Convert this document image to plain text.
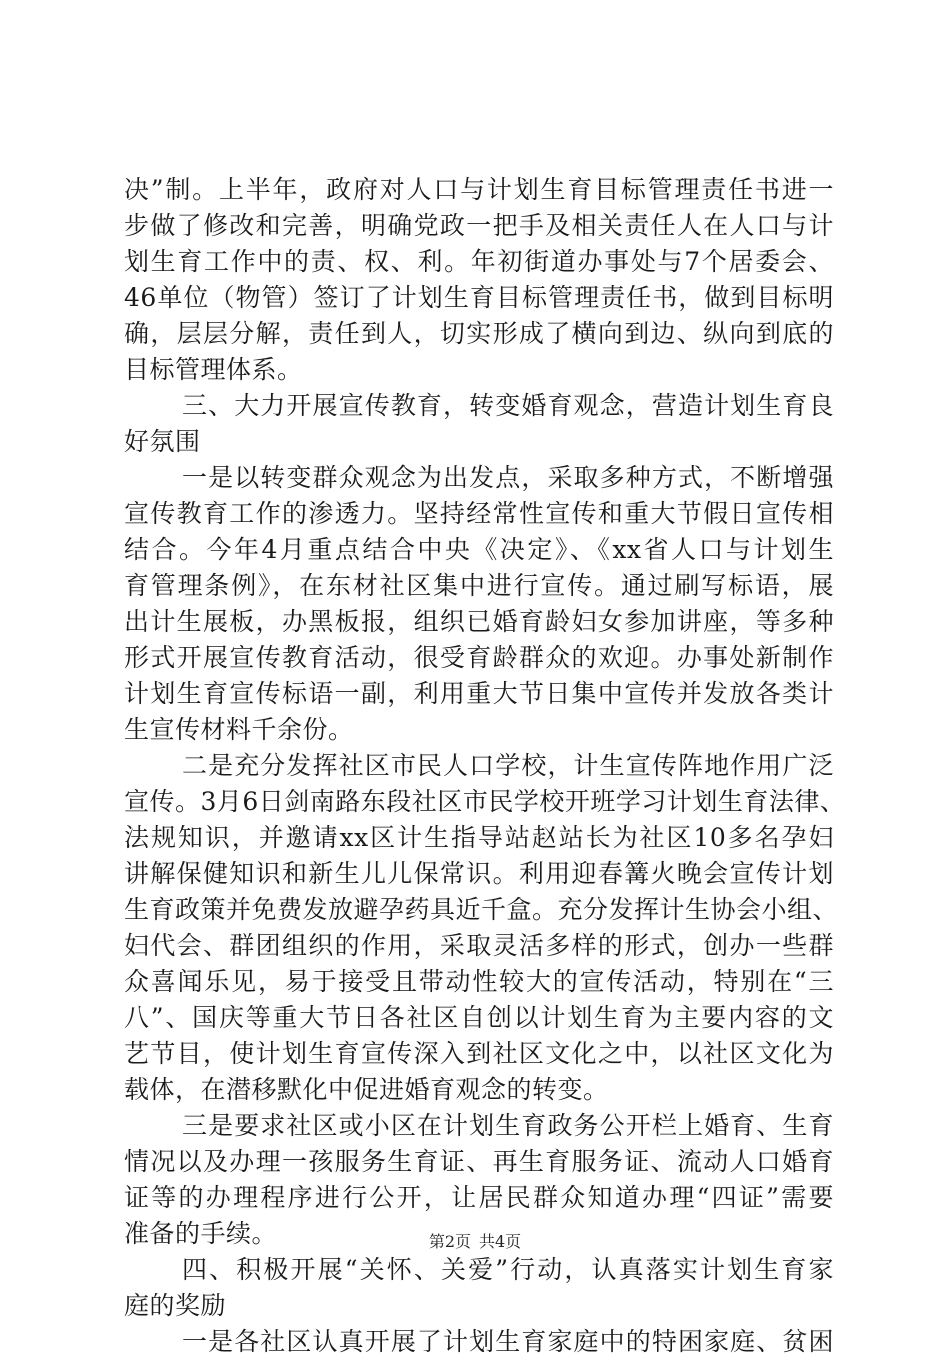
决”制。上半年，政府对人口与计划生育目标管理责任书进一
步做了修改和完善，明确党政一把手及相关责任人在人口与计
划生育工作中的责、权、利。年初街道办事处与7个居委会、
46单位（物管）签订了计划生育目标管理责任书，做到目标明
确，层层分解，责任到人，切实形成了横向到边、纵向到底的
目标管理体系。
三、大力开展宣传教育，转变婚育观念，营造计划生育良
好氛围
一是以转变群众观念为出发点，采取多种方式，不断增强
宣传教育工作的渗透力。坚持经常性宣传和重大节假日宣传相
结合。今年4月重点结合中央《决定》、《xx省人口与计划生
育管理条例》，在东材社区集中进行宣传。通过刷写标语，展
出计生展板，办黑板报，组织已婚育龄妇女参加讲座，等多种
形式开展宣传教育活动，很受育龄群众的欢迎。办事处新制作
计划生育宣传标语一副，利用重大节日集中宣传并发放各类计
生宣传材料千余份。
二是充分发挥社区市民人口学校，计生宣传阵地作用广泛
宣传。3月6日剑南路东段社区市民学校开班学习计划生育法律、
法规知识，并邀请xx区计生指导站赵站长为社区10多名孕妇
讲解保健知识和新生儿儿保常识。利用迎春篝火晚会宣传计划
生育政策并免费发放避孕药具近千盒。充分发挥计生协会小组、
妇代会、群团组织的作用，采取灵活多样的形式，创办一些群
众喜闻乐见，易于接受且带动性较大的宣传活动，特别在“三
八”、国庆等重大节日各社区自创以计划生育为主要内容的文
艺节目，使计划生育宣传深入到社区文化之中，以社区文化为
载体，在潜移默化中促进婚育观念的转变。
三是要求社区或小区在计划生育政务公开栏上婚育、生育
情况以及办理一孩服务生育证、再生育服务证、流动人口婚育
证等的办理程序进行公开，让居民群众知道办理“四证”需要
准备的手续。
四、积极开展“关怀、关爱”行动，认真落实计划生育家
庭的奖励
一是各社区认真开展了计划生育家庭中的特困家庭、贫困
第2页 共4页
